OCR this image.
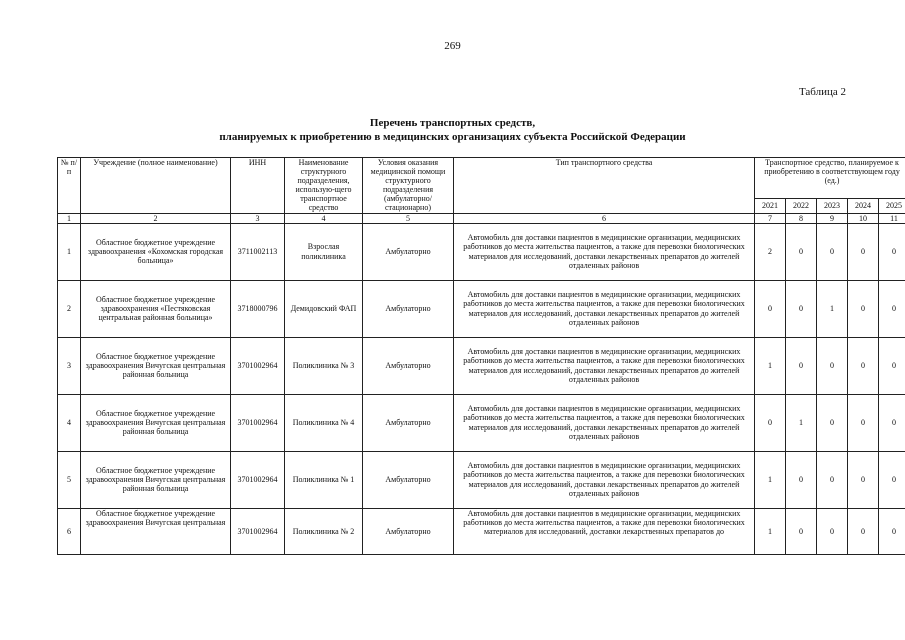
269
Таблица 2
Перечень транспортных средств,
планируемых к приобретению в медицинских организациях субъекта Российской Федерации
№ п/п	Учреждение (полное наименование)	ИНН	Наименование структурного подразделения, использую-щего транспортное средство	Условия оказания медицинской помощи структурного подразделения (амбулаторно/ стационарно)	Тип транспортного средства	Транспортное средство, планируемое к приобретению в соответствующем году (ед.)				
						2021	2022	2023	2024	2025
1	2	3	4	5	6	7	8	9	10	11
1	Областное бюджетное учреждение здравоохранения «Кохомская городская больница»	3711002113	Взрослая поликлиника	Амбулаторно	Автомобиль для доставки пациентов в медицинские организации, медицинских работников до места жительства пациентов, а также для перевозки биологических материалов для исследований, доставки лекарственных препаратов до жителей отдаленных районов	2	0	0	0	0
2	Областное бюджетное учреждение здравоохранения «Пестяковская центральная районная больница»	3718000796	Демидовский ФАП	Амбулаторно	Автомобиль для доставки пациентов в медицинские организации, медицинских работников до места жительства пациентов, а также для перевозки биологических материалов для исследований, доставки лекарственных препаратов до жителей отдаленных районов	0	0	1	0	0
3	Областное бюджетное учреждение здравоохранения Вичугская центральная районная больница	3701002964	Поликлиника № 3	Амбулаторно	Автомобиль для доставки пациентов в медицинские организации, медицинских работников до места жительства пациентов, а также для перевозки биологических материалов для исследований, доставки лекарственных препаратов до жителей отдаленных районов	1	0	0	0	0
4	Областное бюджетное учреждение здравоохранения Вичугская центральная районная больница	3701002964	Поликлиника № 4	Амбулаторно	Автомобиль для доставки пациентов в медицинские организации, медицинских работников до места жительства пациентов, а также для перевозки биологических материалов для исследований, доставки лекарственных препаратов до жителей отдаленных районов	0	1	0	0	0
5	Областное бюджетное учреждение здравоохранения Вичугская центральная районная больница	3701002964	Поликлиника № 1	Амбулаторно	Автомобиль для доставки пациентов в медицинские организации, медицинских работников до места жительства пациентов, а также для перевозки биологических материалов для исследований, доставки лекарственных препаратов до жителей отдаленных районов	1	0	0	0	0
6	Областное бюджетное учреждение здравоохранения Вичугская центральная	3701002964	Поликлиника № 2	Амбулаторно	Автомобиль для доставки пациентов в медицинские организации, медицинских работников до места жительства пациентов, а также для перевозки биологических материалов для исследований, доставки лекарственных препаратов до	1	0	0	0	0
